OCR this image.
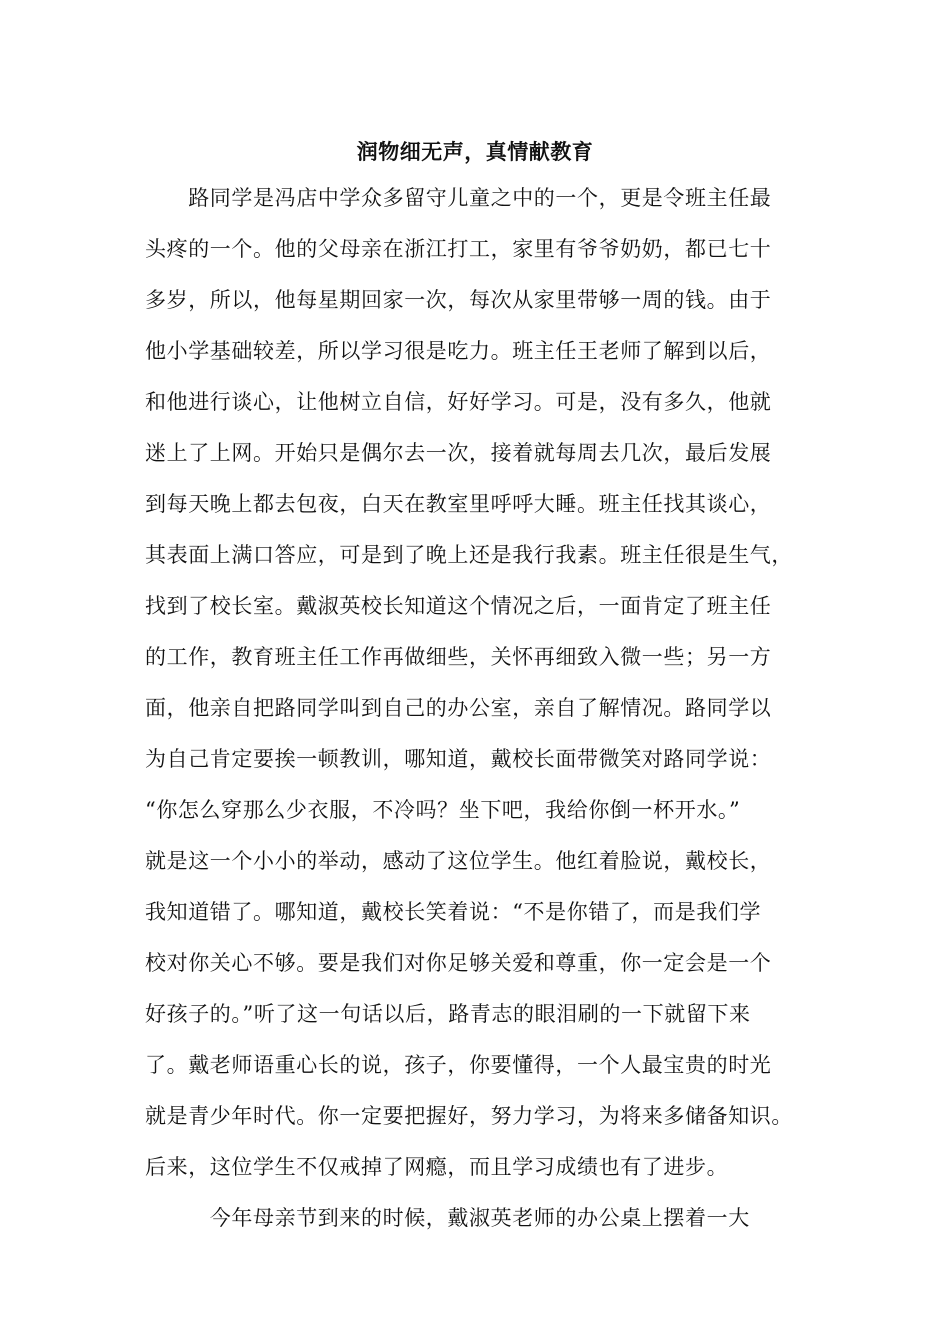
润物细无声，真情献教育
　　路同学是冯店中学众多留守儿童之中的一个，更是令班主任最
头疼的一个。他的父母亲在浙江打工，家里有爷爷奶奶，都已七十
多岁，所以，他每星期回家一次，每次从家里带够一周的钱。由于
他小学基础较差，所以学习很是吃力。班主任王老师了解到以后，
和他进行谈心，让他树立自信，好好学习。可是，没有多久，他就
迷上了上网。开始只是偶尔去一次，接着就每周去几次，最后发展
到每天晚上都去包夜，白天在教室里呼呼大睡。班主任找其谈心，
其表面上满口答应，可是到了晚上还是我行我素。班主任很是生气，
找到了校长室。戴淑英校长知道这个情况之后，一面肯定了班主任
的工作，教育班主任工作再做细些，关怀再细致入微一些；另一方
面，他亲自把路同学叫到自己的办公室，亲自了解情况。路同学以
为自己肯定要挨一顿教训，哪知道，戴校长面带微笑对路同学说：
“你怎么穿那么少衣服，不冷吗？坐下吧，我给你倒一杯开水。”
就是这一个小小的举动，感动了这位学生。他红着脸说，戴校长，
我知道错了。哪知道，戴校长笑着说：“不是你错了，而是我们学
校对你关心不够。要是我们对你足够关爱和尊重，你一定会是一个
好孩子的。”听了这一句话以后，路青志的眼泪刷的一下就留下来
了。戴老师语重心长的说，孩子，你要懂得，一个人最宝贵的时光
就是青少年时代。你一定要把握好，努力学习，为将来多储备知识。
后来，这位学生不仅戒掉了网瘾，而且学习成绩也有了进步。
　　　今年母亲节到来的时候，戴淑英老师的办公桌上摆着一大
